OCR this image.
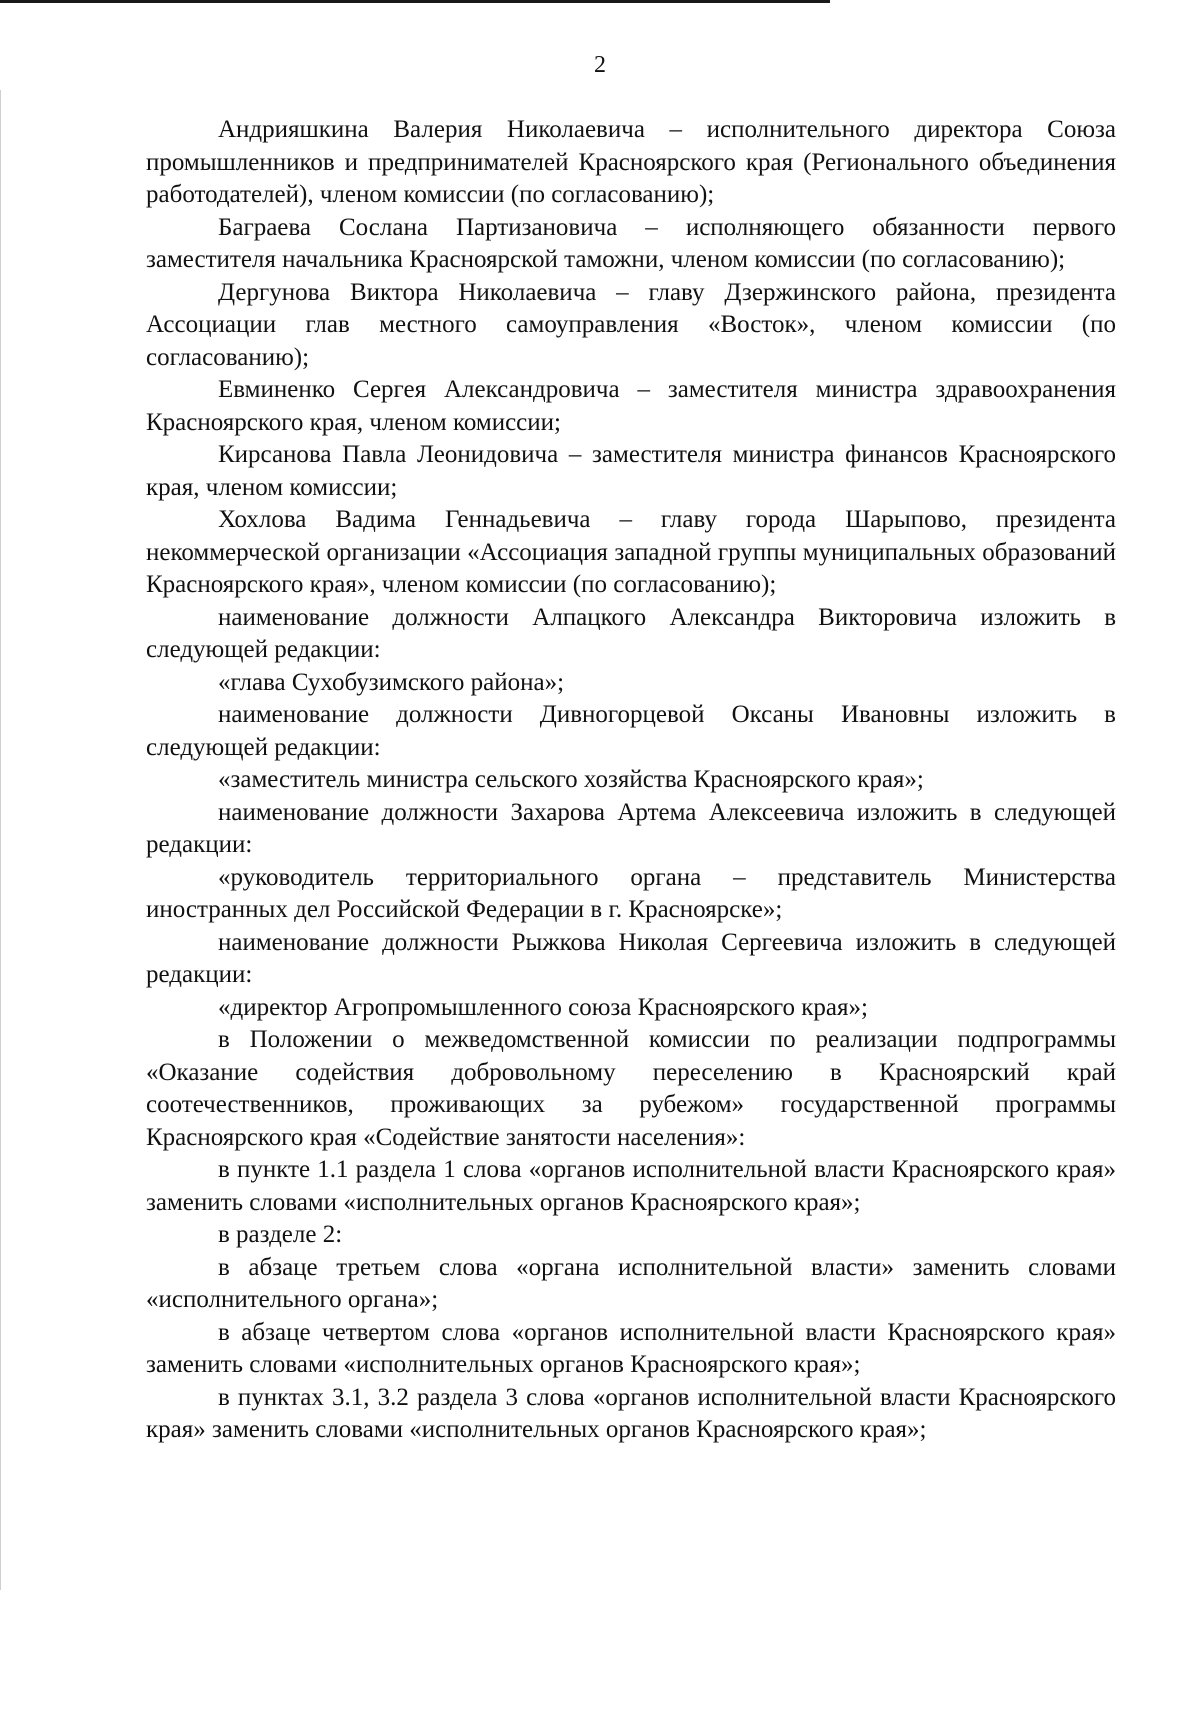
2

Андрияшкина Валерия Николаевича – исполнительного директора Союза промышленников и предпринимателей Красноярского края (Регионального объединения работодателей), членом комиссии (по согласованию);

Баграева Сослана Партизановича – исполняющего обязанности первого заместителя начальника Красноярской таможни, членом комиссии (по согласованию);

Дергунова Виктора Николаевича – главу Дзержинского района, президента Ассоциации глав местного самоуправления «Восток», членом комиссии (по согласованию);

Евминенко Сергея Александровича – заместителя министра здравоохранения Красноярского края, членом комиссии;

Кирсанова Павла Леонидовича – заместителя министра финансов Красноярского края, членом комиссии;

Хохлова Вадима Геннадьевича – главу города Шарыпово, президента некоммерческой организации «Ассоциация западной группы муниципальных образований Красноярского края», членом комиссии (по согласованию);

наименование должности Алпацкого Александра Викторовича изложить в следующей редакции:

«глава Сухобузимского района»;

наименование должности Дивногорцевой Оксаны Ивановны изложить в следующей редакции:

«заместитель министра сельского хозяйства Красноярского края»;

наименование должности Захарова Артема Алексеевича изложить в следующей редакции:

«руководитель территориального органа – представитель Министерства иностранных дел Российской Федерации в г. Красноярске»;

наименование должности Рыжкова Николая Сергеевича изложить в следующей редакции:

«директор Агропромышленного союза Красноярского края»;

в Положении о межведомственной комиссии по реализации подпрограммы «Оказание содействия добровольному переселению в Красноярский край соотечественников, проживающих за рубежом» государственной программы Красноярского края «Содействие занятости населения»:

в пункте 1.1 раздела 1 слова «органов исполнительной власти Красноярского края» заменить словами «исполнительных органов Красноярского края»;

в разделе 2:

в абзаце третьем слова «органа исполнительной власти» заменить словами «исполнительного органа»;

в абзаце четвертом слова «органов исполнительной власти Красноярского края» заменить словами «исполнительных органов Красноярского края»;

в пунктах 3.1, 3.2 раздела 3 слова «органов исполнительной власти Красноярского края» заменить словами «исполнительных органов Красноярского края»;
